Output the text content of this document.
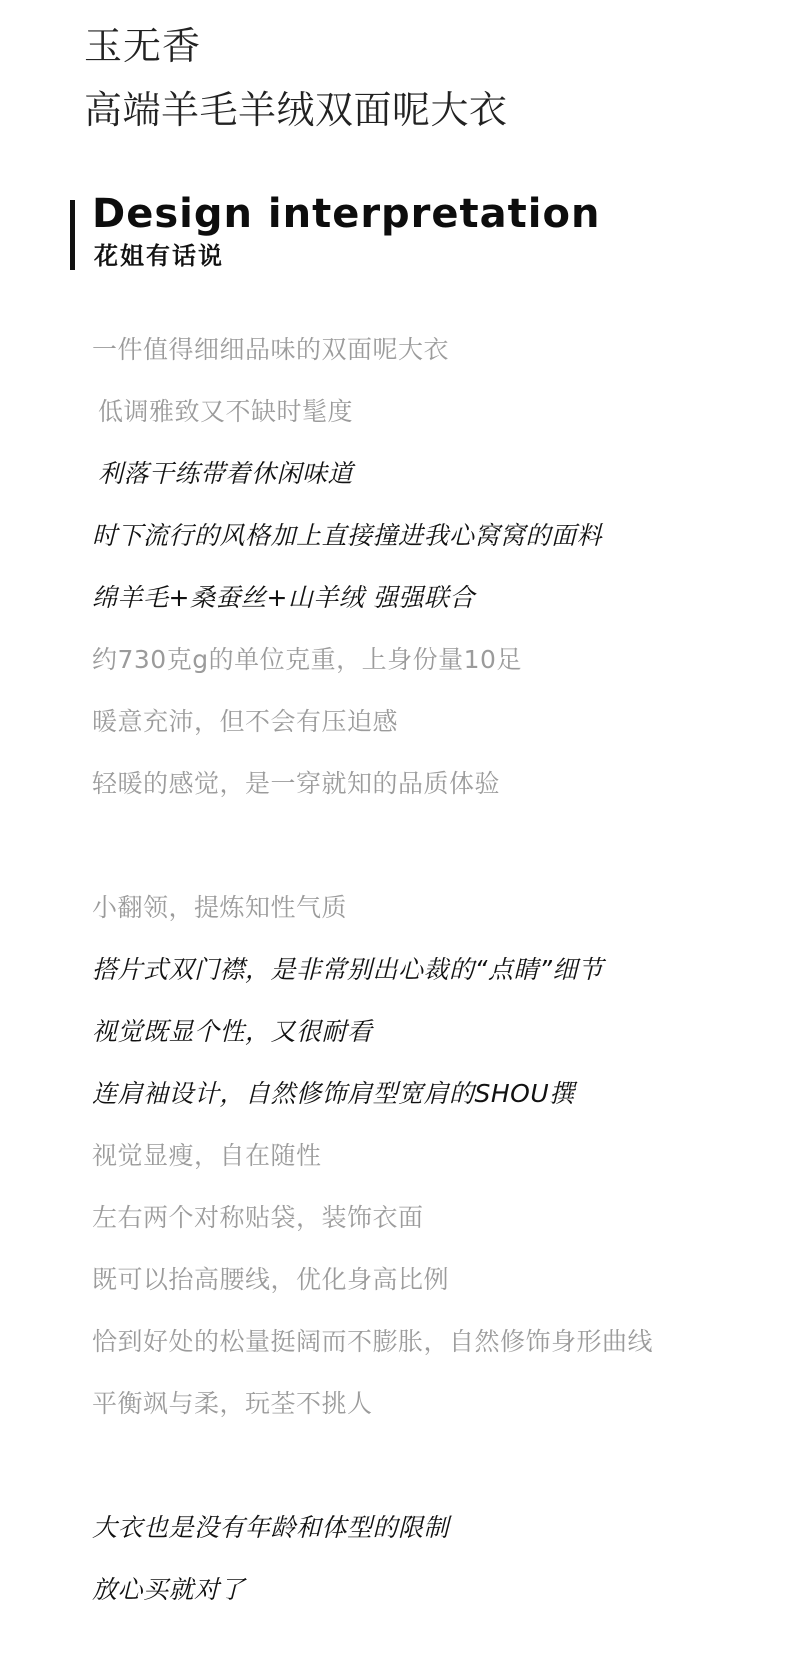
玉无香
高端羊毛羊绒双面呢大衣
Design interpretation
花姐有话说
一件值得细细品味的双面呢大衣
低调雅致又不缺时髦度
利落干练带着休闲味道
时下流行的风格加上直接撞进我心窝窝的面料
绵羊毛+桑蚕丝+山羊绒 强强联合
约730克g的单位克重，上身份量10足
暖意充沛，但不会有压迫感
轻暖的感觉，是一穿就知的品质体验
小翻领，提炼知性气质
搭片式双门襟，是非常别出心裁的“点睛”细节
视觉既显个性，又很耐看
连肩袖设计，自然修饰肩型宽肩的SHOU撰
视觉显瘦，自在随性
左右两个对称贴袋，装饰衣面
既可以抬高腰线，优化身高比例
恰到好处的松量挺阔而不膨胀，自然修饰身形曲线
平衡飒与柔，玩荃不挑人
大衣也是没有年龄和体型的限制
放心买就对了
